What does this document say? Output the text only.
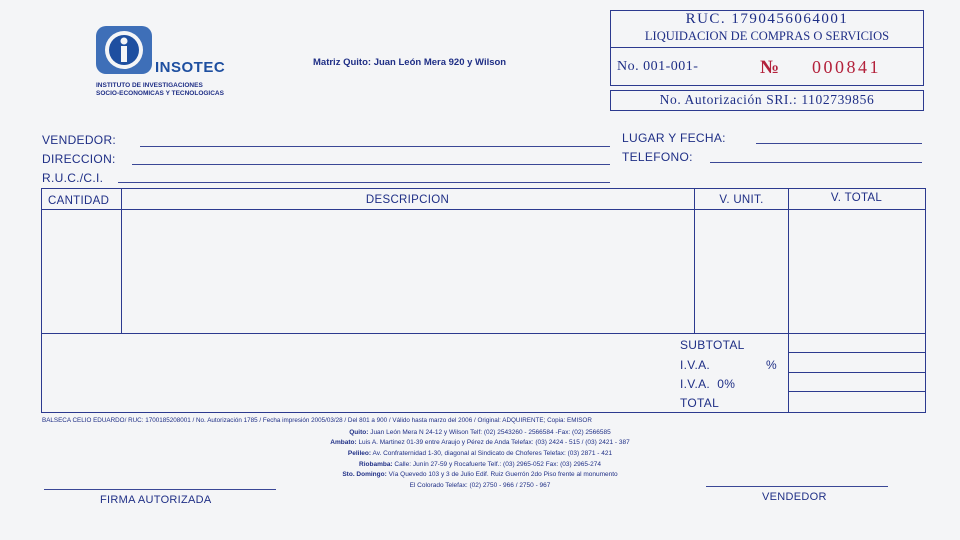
INSOTEC
INSTITUTO DE INVESTIGACIONES
SOCIO-ECONOMICAS Y TECNOLOGICAS
Matriz Quito: Juan León Mera 920 y Wilson
RUC. 1790456064001
LIQUIDACION DE COMPRAS O SERVICIOS
No. 001-001-	№ 000841
No. Autorización SRI.: 1102739856
VENDEDOR:
DIRECCION:
R.U.C./C.I.
LUGAR Y FECHA:
TELEFONO:
CANTIDAD	DESCRIPCION	V. UNIT.	V. TOTAL
SUBTOTAL
I.V.A.	%
I.V.A.  0%
TOTAL
BALSECA CELIO EDUARDO/ RUC: 1700185208001 / No. Autorización 1785 / Fecha impresión 2005/03/28 / Del 801 a 900 / Válido hasta marzo del 2006 / Original: ADQUIRENTE; Copia: EMISOR
Quito: Juan León Mera N 24-12 y Wilson Telf: (02) 2543260 - 2566584 -Fax: (02) 2566585
Ambato: Luis A. Martinez 01-39 entre Araujo y Pérez de Anda Telefax: (03) 2424 - 515 / (03) 2421 - 387
Pelileo: Av. Confraternidad 1-30, diagonal al Sindicato de Choferes Telefax: (03) 2871 - 421
Riobamba: Calle: Junín 27-59 y Rocafuerte Telf.: (03) 2965-052 Fax: (03) 2965-274
Sto. Domingo: Vía Quevedo 103 y 3 de Julio Edif. Ruiz Guerrón 2do Piso frente al monumento
El Colorado Telefax: (02) 2750 - 966 / 2750 - 967
FIRMA AUTORIZADA	VENDEDOR
